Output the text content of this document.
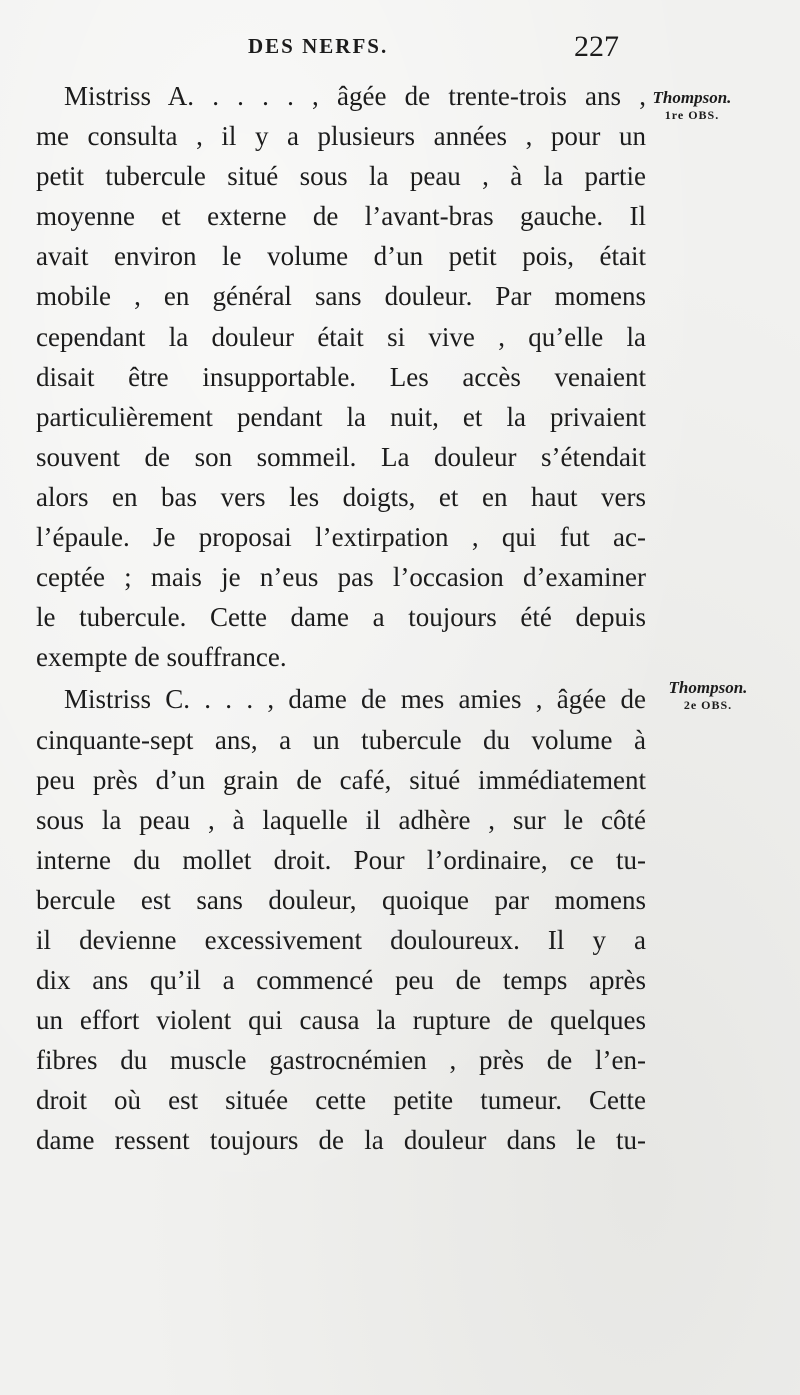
DES NERFS.	227
Mistriss A. . . . . , âgée de trente-trois ans ,
me consulta , il y a plusieurs années , pour un
petit tubercule situé sous la peau , à la partie
moyenne et externe de l’avant-bras gauche. Il
avait environ le volume d’un petit pois, était
mobile , en général sans douleur. Par momens
cependant la douleur était si vive , qu’elle la
disait être insupportable. Les accès venaient
particulièrement pendant la nuit, et la privaient
souvent de son sommeil. La douleur s’étendait
alors en bas vers les doigts, et en haut vers
l’épaule. Je proposai l’extirpation , qui fut ac-
ceptée ; mais je n’eus pas l’occasion d’examiner
le tubercule. Cette dame a toujours été depuis
exempte de souffrance.
Mistriss C. . . . , dame de mes amies , âgée de
cinquante-sept ans, a un tubercule du volume à
peu près d’un grain de café, situé immédiatement
sous la peau , à laquelle il adhère , sur le côté
interne du mollet droit. Pour l’ordinaire, ce tu-
bercule est sans douleur, quoique par momens
il devienne excessivement douloureux. Il y a
dix ans qu’il a commencé peu de temps après
un effort violent qui causa la rupture de quelques
fibres du muscle gastrocnémien , près de l’en-
droit où est située cette petite tumeur. Cette
dame ressent toujours de la douleur dans le tu-
Thompson.
1re OBS.
Thompson.
2e OBS.
